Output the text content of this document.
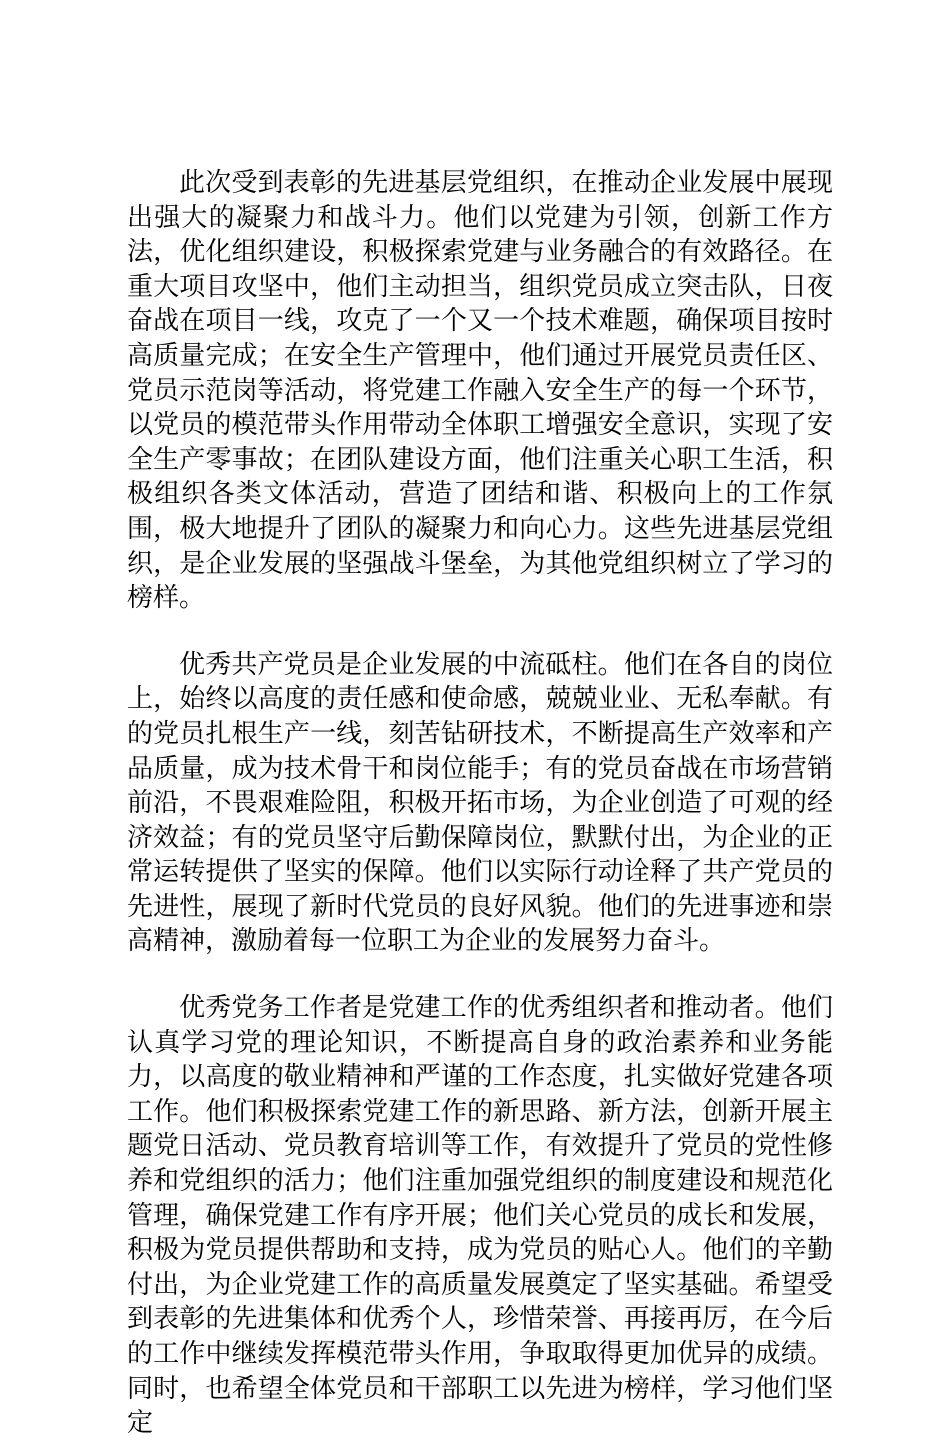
此次受到表彰的先进基层党组织，在推动企业发展中展现出强大的凝聚力和战斗力。他们以党建为引领，创新工作方法，优化组织建设，积极探索党建与业务融合的有效路径。在重大项目攻坚中，他们主动担当，组织党员成立突击队，日夜奋战在项目一线，攻克了一个又一个技术难题，确保项目按时高质量完成；在安全生产管理中，他们通过开展党员责任区、党员示范岗等活动，将党建工作融入安全生产的每一个环节，以党员的模范带头作用带动全体职工增强安全意识，实现了安全生产零事故；在团队建设方面，他们注重关心职工生活，积极组织各类文体活动，营造了团结和谐、积极向上的工作氛围，极大地提升了团队的凝聚力和向心力。这些先进基层党组织，是企业发展的坚强战斗堡垒，为其他党组织树立了学习的榜样。

优秀共产党员是企业发展的中流砥柱。他们在各自的岗位上，始终以高度的责任感和使命感，兢兢业业、无私奉献。有的党员扎根生产一线，刻苦钻研技术，不断提高生产效率和产品质量，成为技术骨干和岗位能手；有的党员奋战在市场营销前沿，不畏艰难险阻，积极开拓市场，为企业创造了可观的经济效益；有的党员坚守后勤保障岗位，默默付出，为企业的正常运转提供了坚实的保障。他们以实际行动诠释了共产党员的先进性，展现了新时代党员的良好风貌。他们的先进事迹和崇高精神，激励着每一位职工为企业的发展努力奋斗。

优秀党务工作者是党建工作的优秀组织者和推动者。他们认真学习党的理论知识，不断提高自身的政治素养和业务能力，以高度的敬业精神和严谨的工作态度，扎实做好党建各项工作。他们积极探索党建工作的新思路、新方法，创新开展主题党日活动、党员教育培训等工作，有效提升了党员的党性修养和党组织的活力；他们注重加强党组织的制度建设和规范化管理，确保党建工作有序开展；他们关心党员的成长和发展，积极为党员提供帮助和支持，成为党员的贴心人。他们的辛勤付出，为企业党建工作的高质量发展奠定了坚实基础。希望受到表彰的先进集体和优秀个人，珍惜荣誉、再接再厉，在今后的工作中继续发挥模范带头作用，争取取得更加优异的成绩。同时，也希望全体党员和干部职工以先进为榜样，学习他们坚定
